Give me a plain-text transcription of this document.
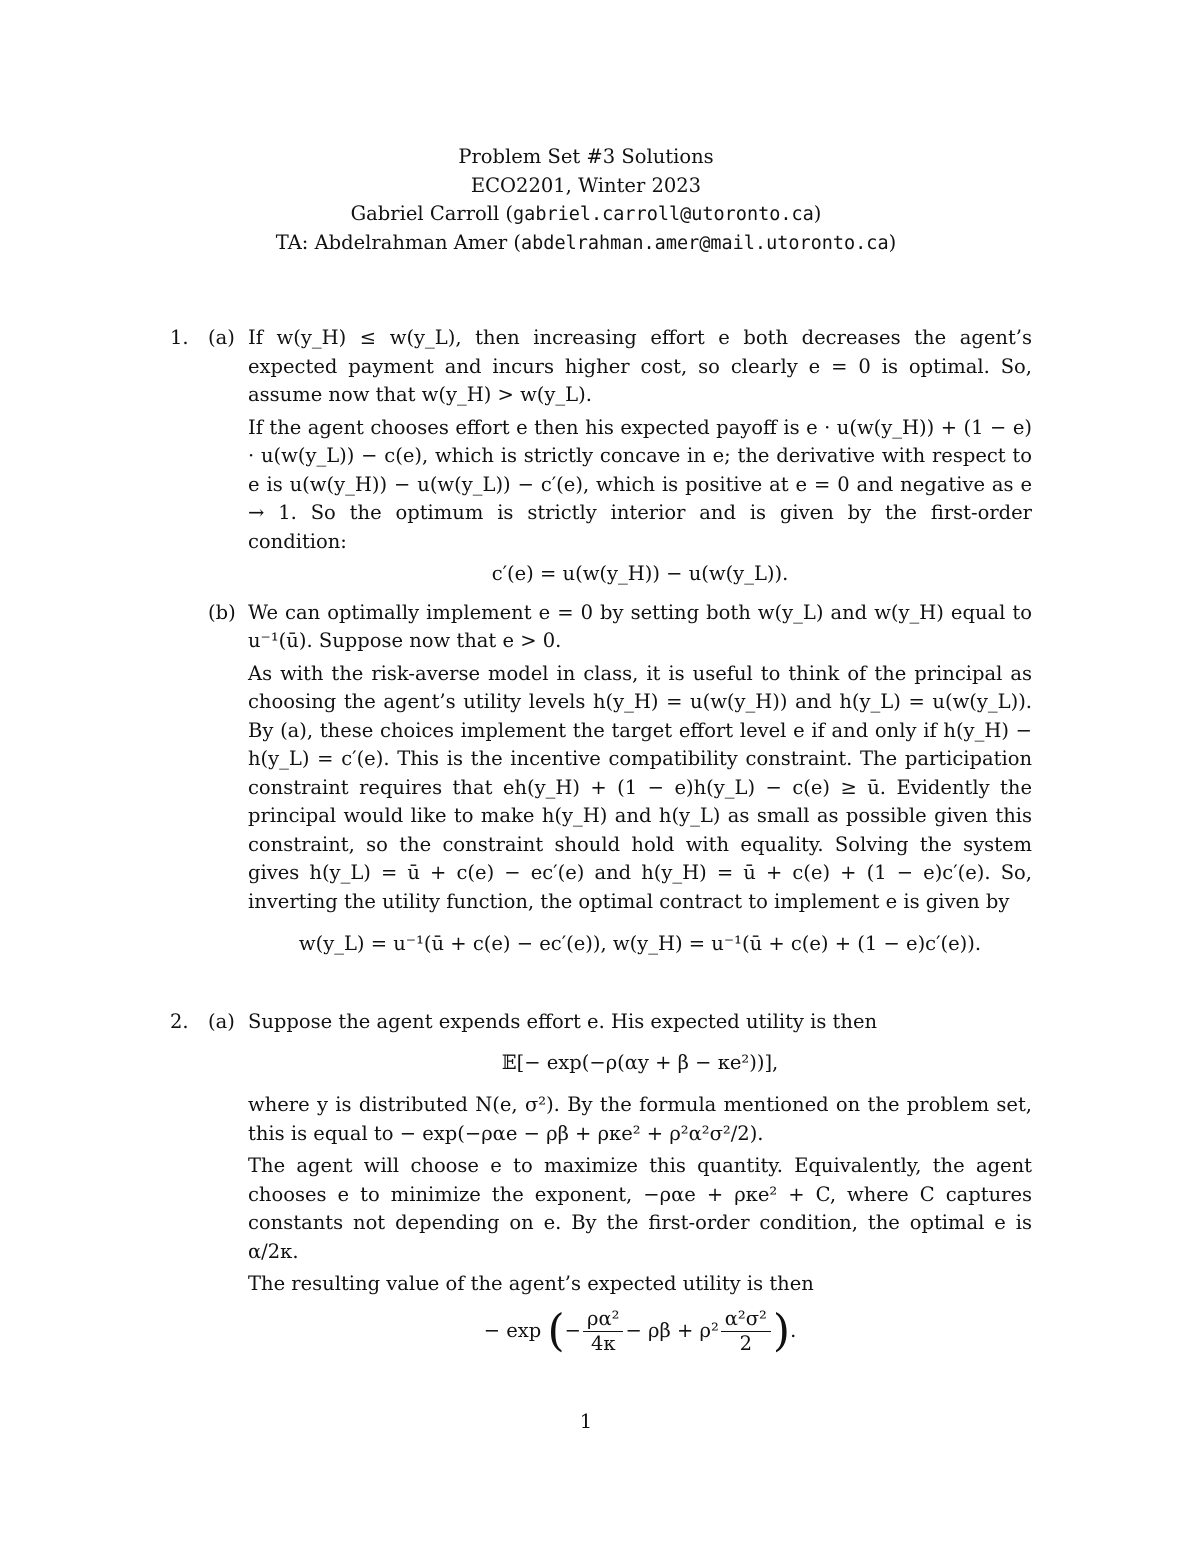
Problem Set #3 Solutions
ECO2201, Winter 2023
Gabriel Carroll (gabriel.carroll@utoronto.ca)
TA: Abdelrahman Amer (abdelrahman.amer@mail.utoronto.ca)
1. (a) If w(y_H) ≤ w(y_L), then increasing effort e both decreases the agent’s expected payment and incurs higher cost, so clearly e = 0 is optimal. So, assume now that w(y_H) > w(y_L).

If the agent chooses effort e then his expected payoff is e · u(w(y_H)) + (1 − e) · u(w(y_L)) − c(e), which is strictly concave in e; the derivative with respect to e is u(w(y_H)) − u(w(y_L)) − c′(e), which is positive at e = 0 and negative as e → 1. So the optimum is strictly interior and is given by the first-order condition:

c′(e) = u(w(y_H)) − u(w(y_L)).
(b) We can optimally implement e = 0 by setting both w(y_L) and w(y_H) equal to u⁻¹(ū). Suppose now that e > 0.

As with the risk-averse model in class, it is useful to think of the principal as choosing the agent’s utility levels h(y_H) = u(w(y_H)) and h(y_L) = u(w(y_L)). By (a), these choices implement the target effort level e if and only if h(y_H) − h(y_L) = c′(e). This is the incentive compatibility constraint. The participation constraint requires that eh(y_H) + (1 − e)h(y_L) − c(e) ≥ ū. Evidently the principal would like to make h(y_H) and h(y_L) as small as possible given this constraint, so the constraint should hold with equality. Solving the system gives h(y_L) = ū + c(e) − ec′(e) and h(y_H) = ū + c(e) + (1 − e)c′(e). So, inverting the utility function, the optimal contract to implement e is given by

w(y_L) = u⁻¹(ū + c(e) − ec′(e)), w(y_H) = u⁻¹(ū + c(e) + (1 − e)c′(e)).
2. (a) Suppose the agent expends effort e. His expected utility is then

𝔼[− exp(−ρ(αy + β − κe²))],

where y is distributed N(e, σ²). By the formula mentioned on the problem set, this is equal to − exp(−ραe − ρβ + ρκe² + ρ²α²σ²/2).

The agent will choose e to maximize this quantity. Equivalently, the agent chooses e to minimize the exponent, −ραe + ρκe² + C, where C captures constants not depending on e. By the first-order condition, the optimal e is α/2κ.

The resulting value of the agent’s expected utility is then

− exp (− $\frac{\text{ρα²}}{4\kappa} - \rho\beta + \rho^2 \frac{\text{α²σ²}}{2}$ ).
1
